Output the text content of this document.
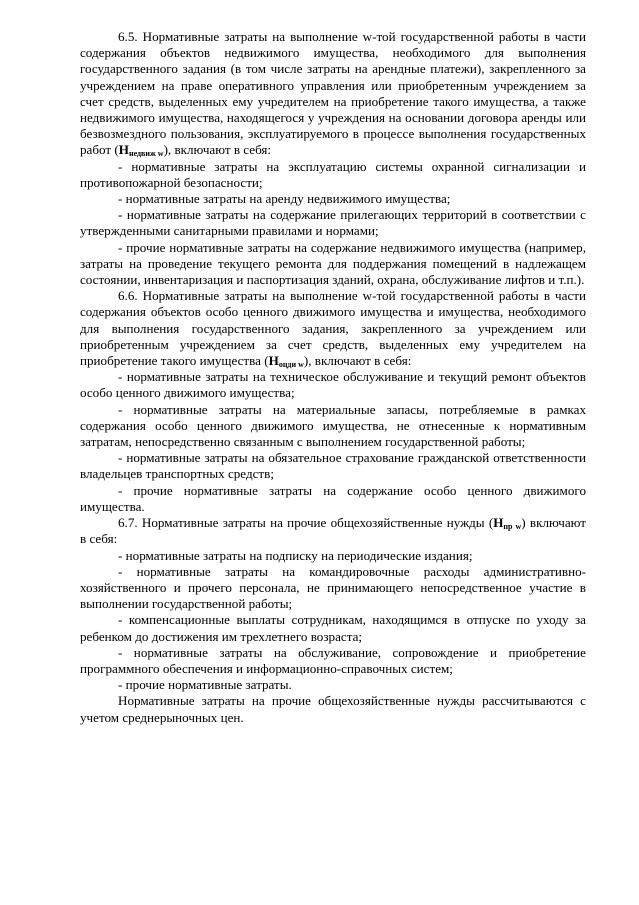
6.5. Нормативные затраты на выполнение w-той государственной работы в части содержания объектов недвижимого имущества, необходимого для выполнения государственного задания (в том числе затраты на арендные платежи), закрепленного за учреждением на праве оперативного управления или приобретенным учреждением за счет средств, выделенных ему учредителем на приобретение такого имущества, а также недвижимого имущества, находящегося у учреждения на основании договора аренды или безвозмездного пользования, эксплуатируемого в процессе выполнения государственных работ $(Н_{недвиж w})$, включают в себя:

- нормативные затраты на эксплуатацию системы охранной сигнализации и противопожарной безопасности;

- нормативные затраты на аренду недвижимого имущества;

- нормативные затраты на содержание прилегающих территорий в соответствии с утвержденными санитарными правилами и нормами;

- прочие нормативные затраты на содержание недвижимого имущества (например, затраты на проведение текущего ремонта для поддержания помещений в надлежащем состоянии, инвентаризация и паспортизация зданий, охрана, обслуживание лифтов и т.п.).

6.6. Нормативные затраты на выполнение w-той государственной работы в части содержания объектов особо ценного движимого имущества и имущества, необходимого для выполнения государственного задания, закрепленного за учреждением или приобретенным учреждением за счет средств, выделенных ему учредителем на приобретение такого имущества $(Н_{оцди w})$, включают в себя:

- нормативные затраты на техническое обслуживание и текущий ремонт объектов особо ценного движимого имущества;

- нормативные затраты на материальные запасы, потребляемые в рамках содержания особо ценного движимого имущества, не отнесенные к нормативным затратам, непосредственно связанным с выполнением государственной работы;

- нормативные затраты на обязательное страхование гражданской ответственности владельцев транспортных средств;

- прочие нормативные затраты на содержание особо ценного движимого имущества.

6.7. Нормативные затраты на прочие общехозяйственные нужды $(Н_{пр w})$ включают в себя:

- нормативные затраты на подписку на периодические издания;

- нормативные затраты на командировочные расходы административно-хозяйственного и прочего персонала, не принимающего непосредственное участие в выполнении государственной работы;

- компенсационные выплаты сотрудникам, находящимся в отпуске по уходу за ребенком до достижения им трехлетнего возраста;

- нормативные затраты на обслуживание, сопровождение и приобретение программного обеспечения и информационно-справочных систем;

- прочие нормативные затраты.

Нормативные затраты на прочие общехозяйственные нужды рассчитываются с учетом среднерыночных цен.
